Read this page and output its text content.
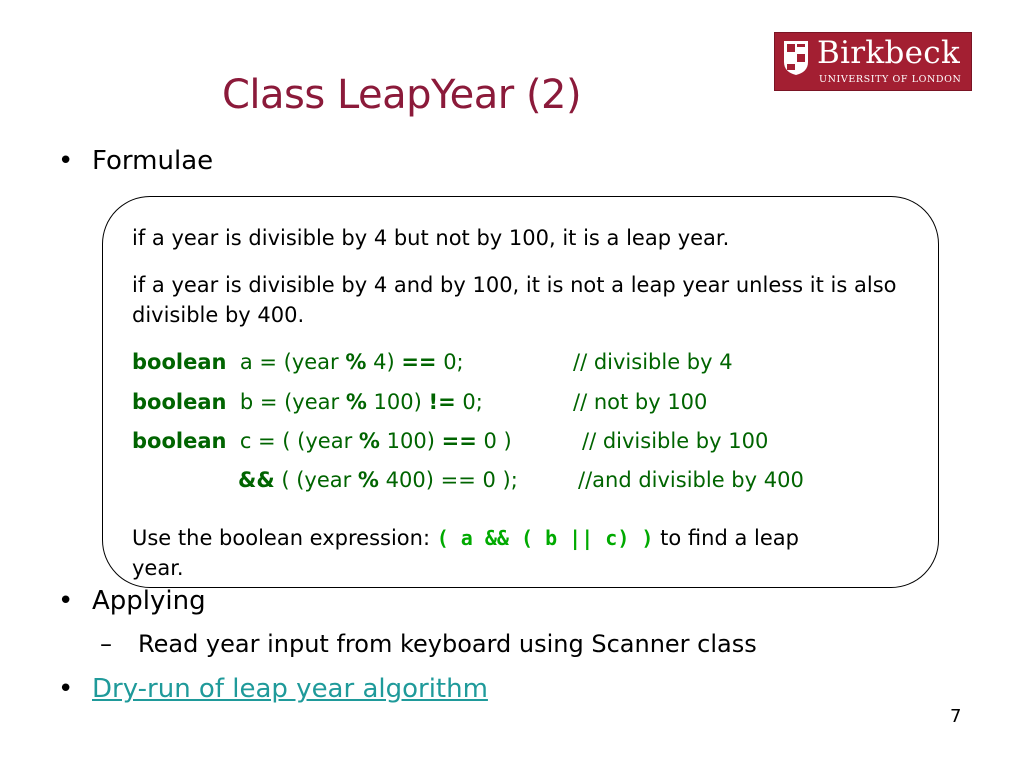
Class LeapYear (2)
Birkbeck
UNIVERSITY OF LONDON
• Formulae
if a year is divisible by 4 but not by 100, it is a leap year.
if a year is divisible by 4 and by 100, it is not a leap year unless it is also divisible by 400.
boolean a = (year % 4) == 0;	// divisible by 4
boolean b = (year % 100) != 0;	// not by 100
boolean c = ( (year % 100) == 0 )	// divisible by 100
&& ( (year % 400) == 0 );	//and divisible by 400
Use the boolean expression: ( a && ( b || c) ) to find a leap
year.
• Applying
–	Read year input from keyboard using Scanner class
• Dry-run of leap year algorithm
7
